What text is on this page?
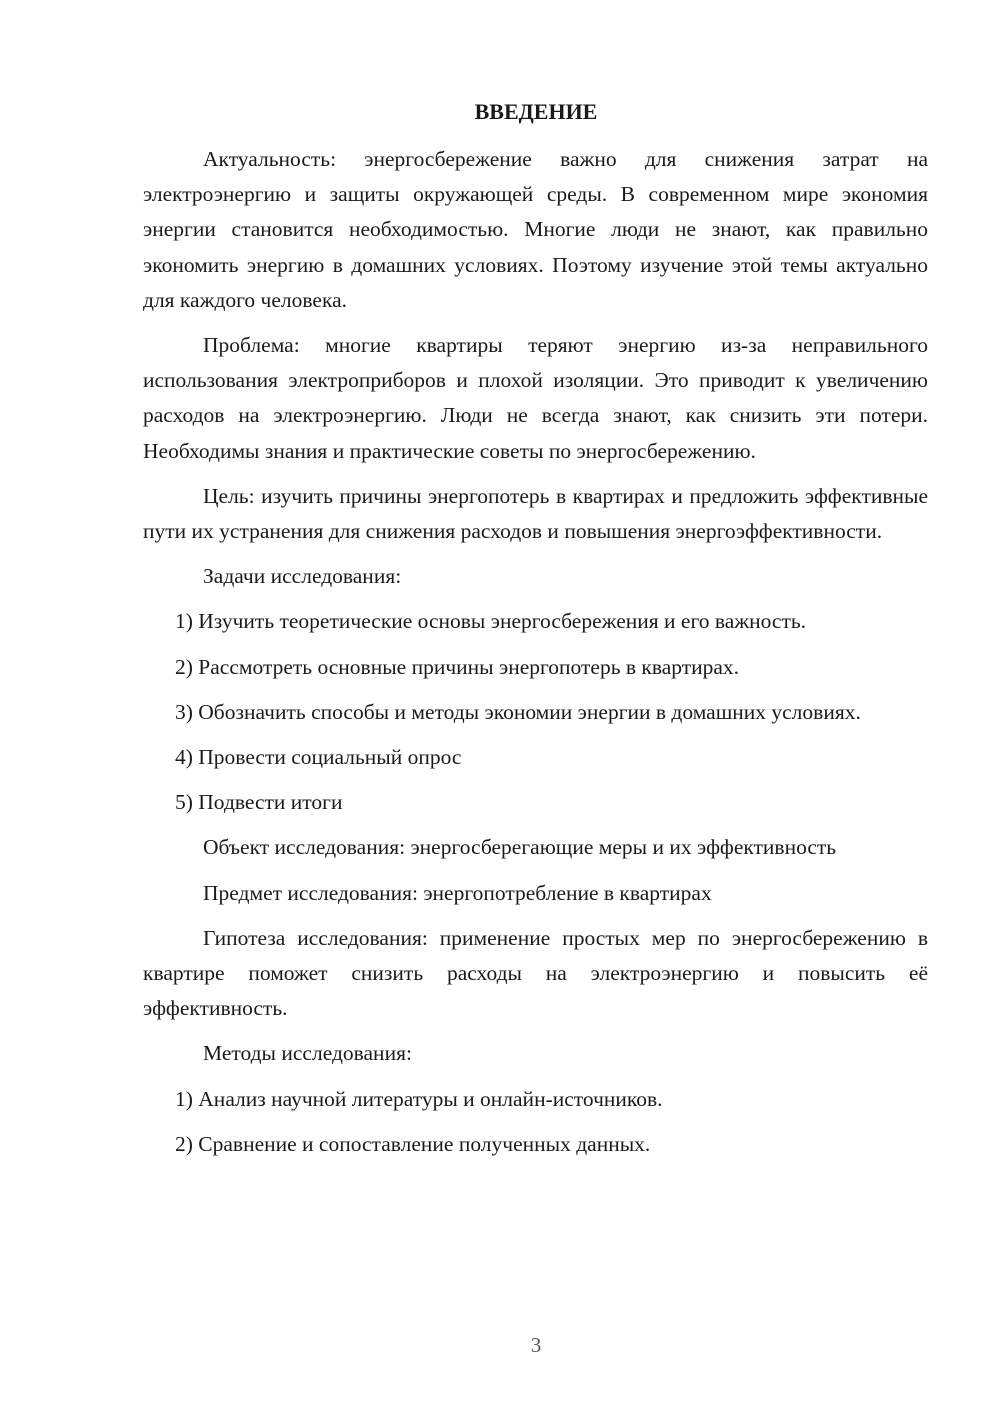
ВВЕДЕНИЕ

Актуальность: энергосбережение важно для снижения затрат на электроэнергию и защиты окружающей среды. В современном мире экономия энергии становится необходимостью. Многие люди не знают, как правильно экономить энергию в домашних условиях. Поэтому изучение этой темы актуально для каждого человека.

Проблема: многие квартиры теряют энергию из-за неправильного использования электроприборов и плохой изоляции. Это приводит к увеличению расходов на электроэнергию. Люди не всегда знают, как снизить эти потери. Необходимы знания и практические советы по энергосбережению.

Цель: изучить причины энергопотерь в квартирах и предложить эффективные пути их устранения для снижения расходов и повышения энергоэффективности.

Задачи исследования:

1) Изучить теоретические основы энергосбережения и его важность.

2) Рассмотреть основные причины энергопотерь в квартирах.

3) Обозначить способы и методы экономии энергии в домашних условиях.

4) Провести социальный опрос

5) Подвести итоги

Объект исследования: энергосберегающие меры и их эффективность

Предмет исследования: энергопотребление в квартирах

Гипотеза исследования: применение простых мер по энергосбережению в квартире поможет снизить расходы на электроэнергию и повысить её эффективность.

Методы исследования:

1) Анализ научной литературы и онлайн-источников.

2) Сравнение и сопоставление полученных данных.

3
